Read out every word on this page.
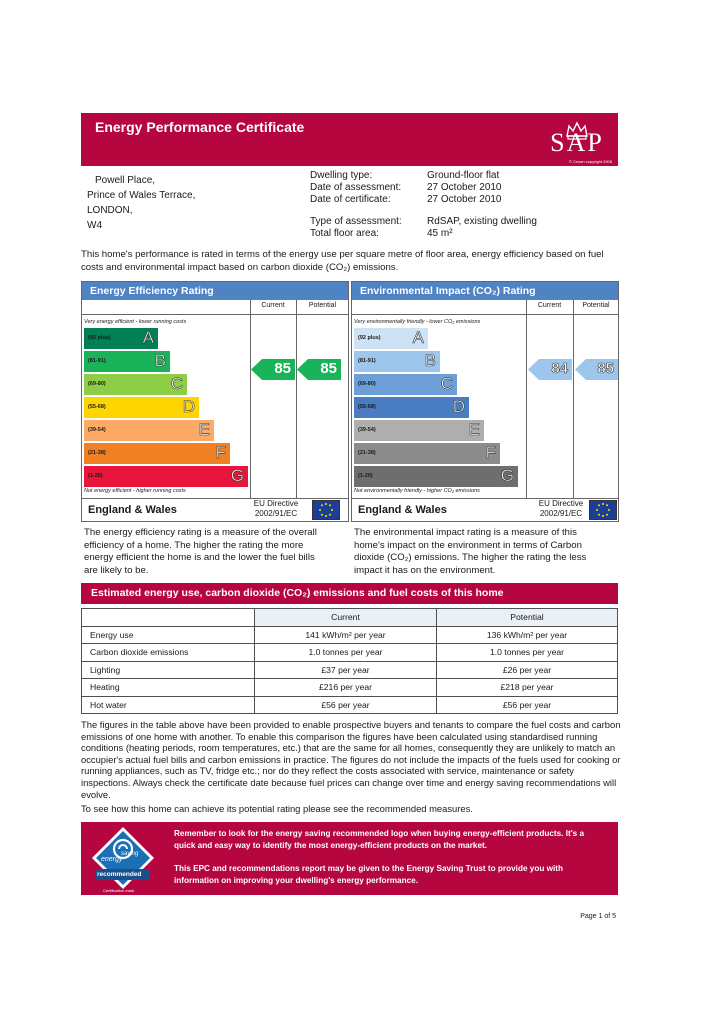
Energy Performance Certificate
SAP
© Crown copyright 2005
Powell Place,
Prince of Wales Terrace,
LONDON,
W4
Dwelling type:	Ground-floor flat
Date of assessment:	27 October 2010
Date of certificate:	27 October 2010
Type of assessment:	RdSAP, existing dwelling
Total floor area:	45 m²
This home's performance is rated in terms of the energy use per square metre of floor area, energy efficiency based on fuel costs and environmental impact based on carbon dioxide (CO₂) emissions.
Energy Efficiency Rating
Current	Potential
Very energy efficient - lower running costs
(92 plus) A
(81-91)	B
(69-80)	C
(55-68)	D
(39-54)	E
(21-38)	F
(1-20)	G
Not energy efficient - higher running costs
85 85
England & Wales
EU Directive 2002/91/EC
Environmental Impact (CO₂) Rating
Current	Potential
Very environmentally friendly - lower CO₂ emissions
(92 plus) A
(81-91)	B
(69-80)	C
(55-68)	D
(39-54)	E
(21-38)	F
(1-20)	G
Not environmentally friendly - higher CO₂ emissions
84 85
England & Wales
EU Directive 2002/91/EC
The energy efficiency rating is a measure of the overall efficiency of a home. The higher the rating the more energy efficient the home is and the lower the fuel bills are likely to be.
The environmental impact rating is a measure of this home's impact on the environment in terms of Carbon dioxide (CO₂) emissions. The higher the rating the less impact it has on the environment.
Estimated energy use, carbon dioxide (CO₂) emissions and fuel costs of this home
	Current	Potential
Energy use	141 kWh/m² per year	136 kWh/m² per year
Carbon dioxide emissions	1.0 tonnes per year	1.0 tonnes per year
Lighting	£37 per year	£26 per year
Heating	£216 per year	£218 per year
Hot water	£56 per year	£56 per year
The figures in the table above have been provided to enable prospective buyers and tenants to compare the fuel costs and carbon emissions of one home with another. To enable this comparison the figures have been calculated using standardised running conditions (heating periods, room temperatures, etc.) that are the same for all homes, consequently they are unlikely to match an occupier's actual fuel bills and carbon emissions in practice. The figures do not include the impacts of the fuels used for cooking or running appliances, such as TV, fridge etc.; nor do they reflect the costs associated with service, maintenance or safety inspections. Always check the certificate date because fuel prices can change over time and energy saving recommendations will evolve.
To see how this home can achieve its potential rating please see the recommended measures.
energy
saving
recommended
Certification mark
Remember to look for the energy saving recommended logo when buying energy-efficient products. It's a quick and easy way to identify the most energy-efficient products on the market.
This EPC and recommendations report may be given to the Energy Saving Trust to provide you with information on improving your dwelling's energy performance.
Page 1 of 5
